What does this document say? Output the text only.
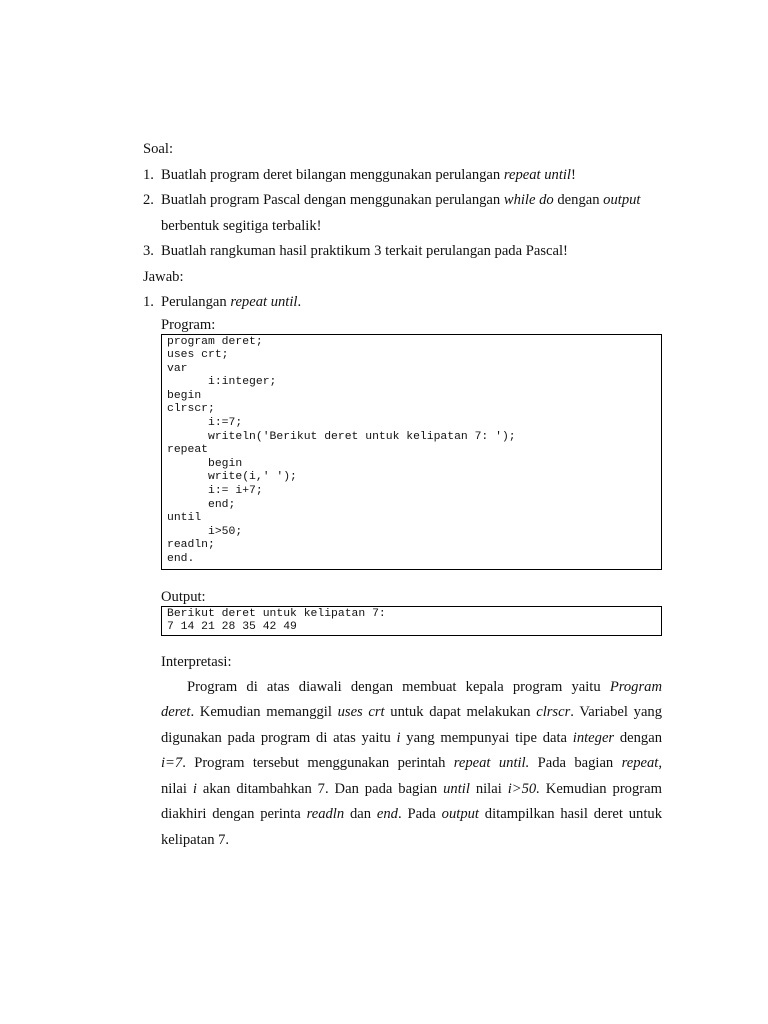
Soal:
1. Buatlah program deret bilangan menggunakan perulangan repeat until!
2. Buatlah program Pascal dengan menggunakan perulangan while do dengan output
berbentuk segitiga terbalik!
3. Buatlah rangkuman hasil praktikum 3 terkait perulangan pada Pascal!
Jawab:
1. Perulangan repeat until.
Program:
program deret;
uses crt;
var
i:integer;
begin
clrscr;
i:=7;
writeln('Berikut deret untuk kelipatan 7: ');
repeat
begin
write(i,' ');
i:= i+7;
end;
until
i>50;
readln;
end.
Output:
Berikut deret untuk kelipatan 7:
7 14 21 28 35 42 49
Interpretasi:
Program di atas diawali dengan membuat kepala program yaitu Program
deret. Kemudian memanggil uses crt untuk dapat melakukan clrscr. Variabel yang
digunakan pada program di atas yaitu i yang mempunyai tipe data integer dengan
i=7. Program tersebut menggunakan perintah repeat until. Pada bagian repeat,
nilai i akan ditambahkan 7. Dan pada bagian until nilai i>50. Kemudian program
diakhiri dengan perinta readln dan end. Pada output ditampilkan hasil deret untuk
kelipatan 7.
